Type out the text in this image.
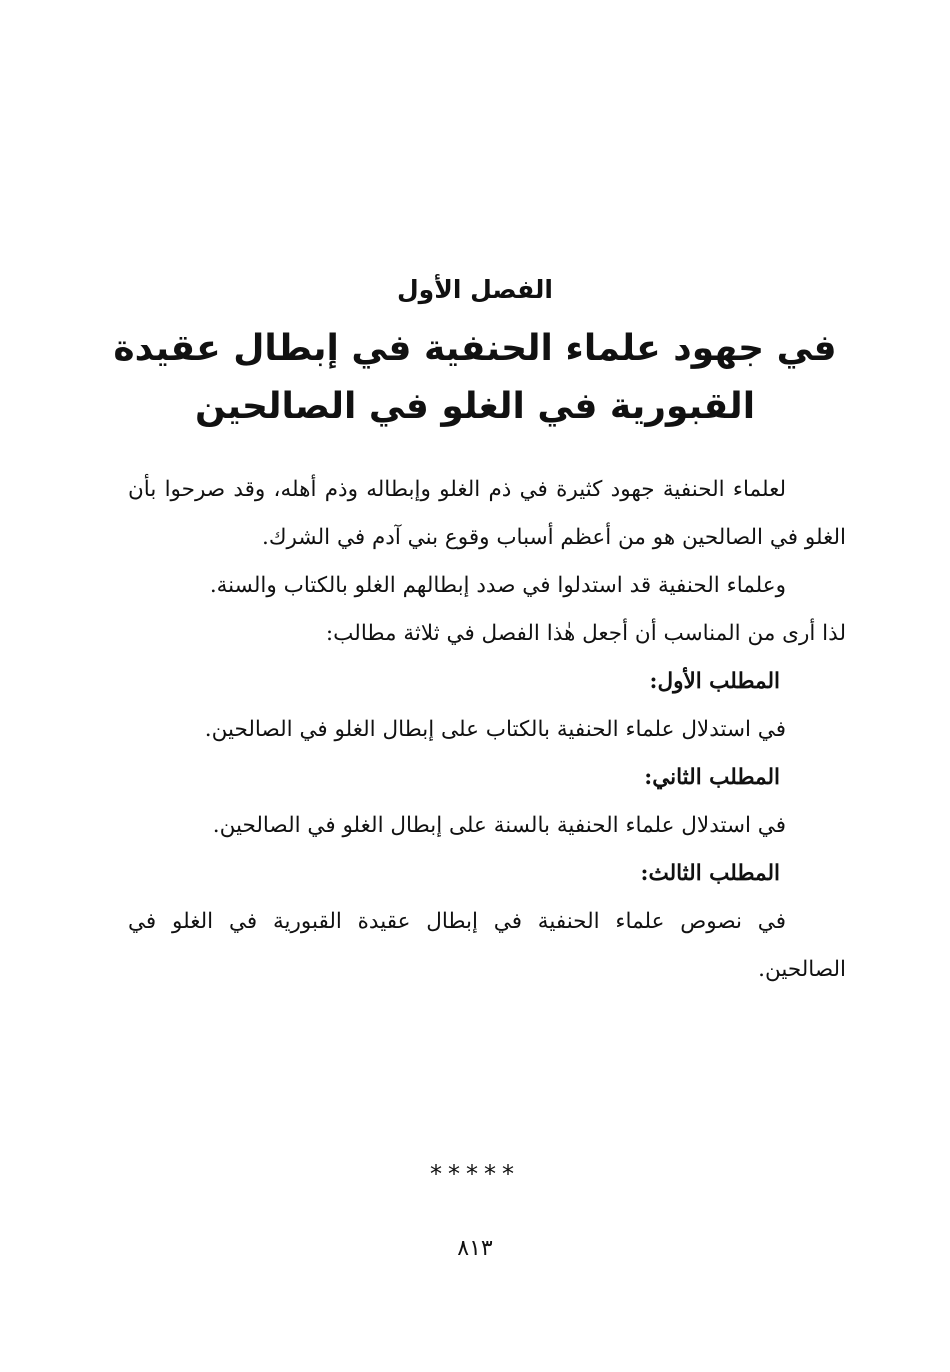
الفصل الأول
في جهود علماء الحنفية في إبطال عقيدة القبورية في الغلو في الصالحين

لعلماء الحنفية جهود كثيرة في ذم الغلو وإبطاله وذم أهله، وقد صرحوا بأن الغلو في الصالحين هو من أعظم أسباب وقوع بني آدم في الشرك.

وعلماء الحنفية قد استدلوا في صدد إبطالهم الغلو بالكتاب والسنة.

لذا أرى من المناسب أن أجعل هٰذا الفصل في ثلاثة مطالب:

المطلب الأول:

في استدلال علماء الحنفية بالكتاب على إبطال الغلو في الصالحين.

المطلب الثاني:

في استدلال علماء الحنفية بالسنة على إبطال الغلو في الصالحين.

المطلب الثالث:

في نصوص علماء الحنفية في إبطال عقيدة القبورية في الغلو في الصالحين.

*****
٨١٣
